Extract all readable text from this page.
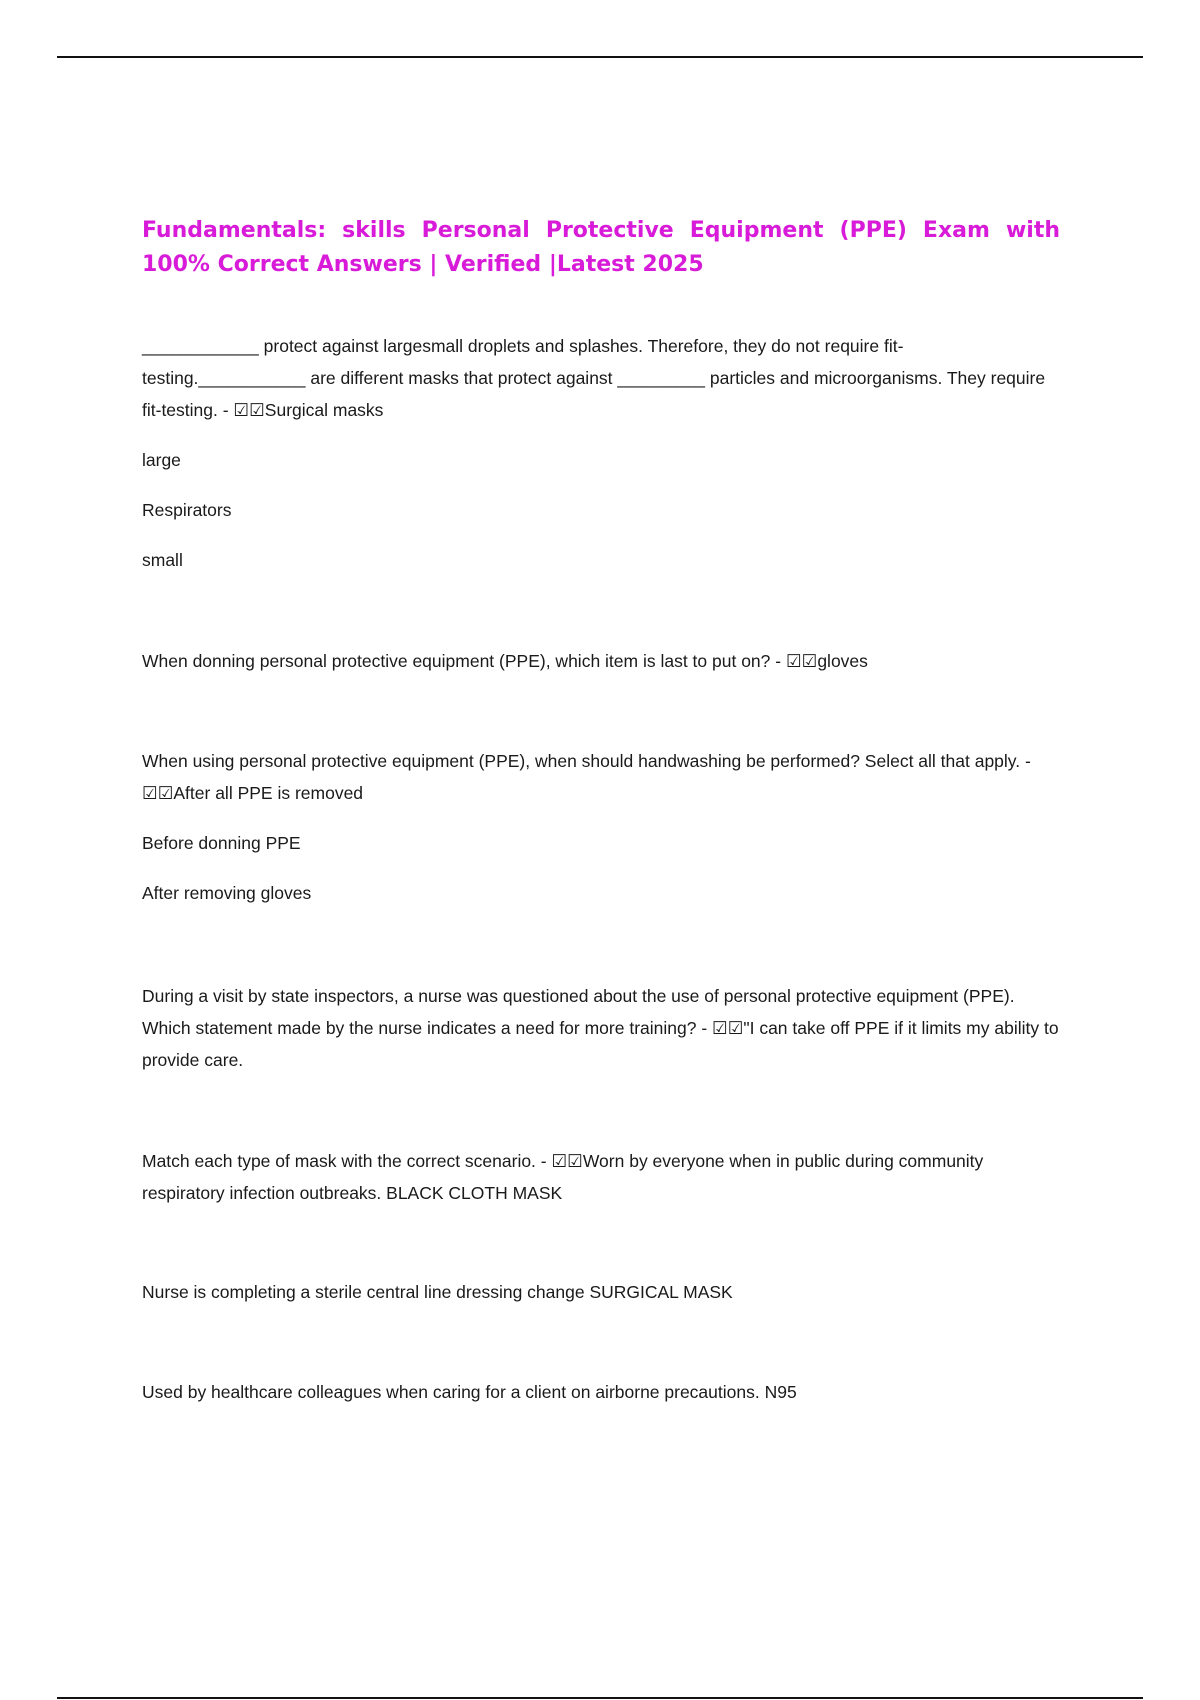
Fundamentals: skills Personal Protective Equipment (PPE) Exam with 100% Correct Answers | Verified |Latest 2025

____________ protect against largesmall droplets and splashes. Therefore, they do not require fit-testing.___________ are different masks that protect against _________ particles and microorganisms. They require fit-testing. - ☑☑Surgical masks

large

Respirators

small

When donning personal protective equipment (PPE), which item is last to put on? - ☑☑gloves

When using personal protective equipment (PPE), when should handwashing be performed? Select all that apply. - ☑☑After all PPE is removed

Before donning PPE

After removing gloves

During a visit by state inspectors, a nurse was questioned about the use of personal protective equipment (PPE). Which statement made by the nurse indicates a need for more training? - ☑☑"I can take off PPE if it limits my ability to provide care.

Match each type of mask with the correct scenario. - ☑☑Worn by everyone when in public during community respiratory infection outbreaks. BLACK CLOTH MASK

Nurse is completing a sterile central line dressing change SURGICAL MASK

Used by healthcare colleagues when caring for a client on airborne precautions. N95
